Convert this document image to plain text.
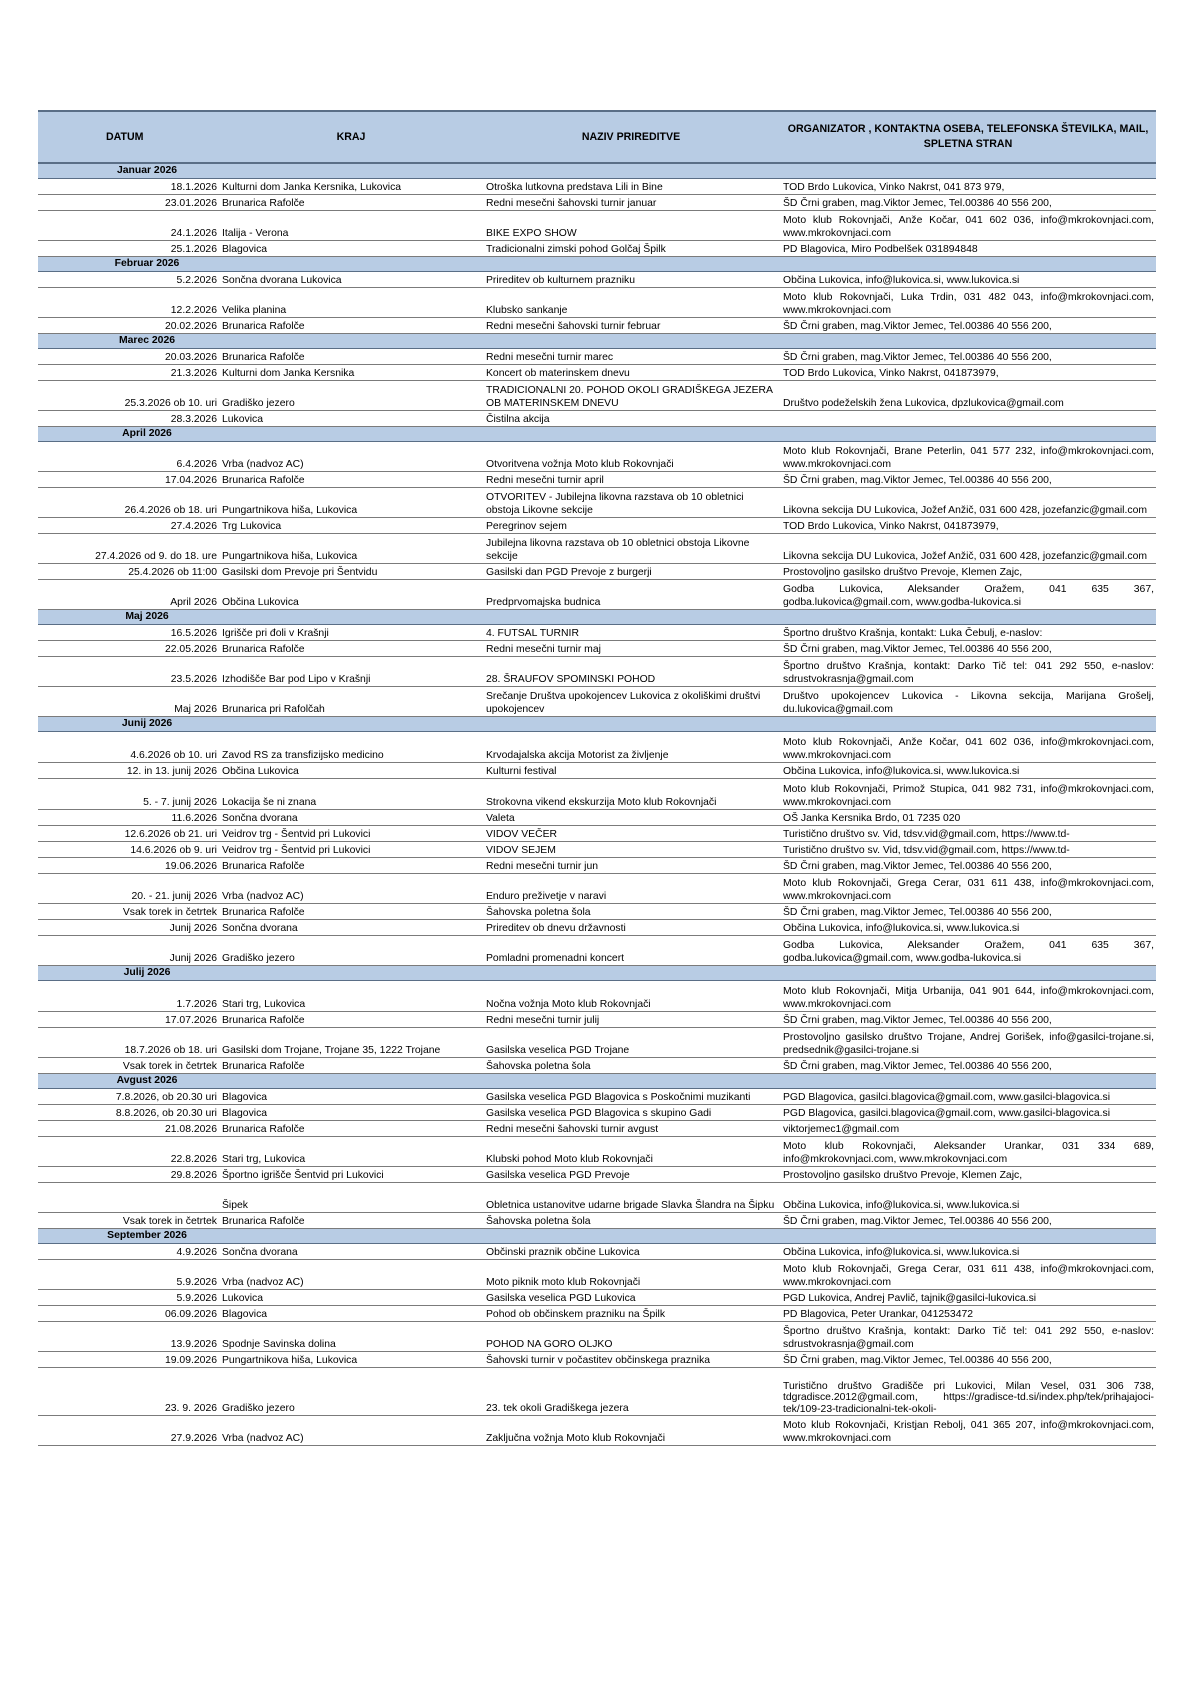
DATUM	KRAJ	NAZIV PRIREDITVE	ORGANIZATOR , KONTAKTNA OSEBA, TELEFONSKA ŠTEVILKA, MAIL, SPLETNA STRAN
Januar 2026			
18.1.2026	Kulturni dom Janka Kersnika, Lukovica	Otroška lutkovna predstava Lili in Bine	TOD Brdo Lukovica, Vinko Nakrst, 041 873 979,
23.01.2026	Brunarica Rafolče	Redni mesečni šahovski turnir januar	ŠD Črni graben, mag.Viktor Jemec, Tel.00386 40 556 200,
24.1.2026	Italija - Verona	BIKE EXPO SHOW	Moto klub Rokovnjači, Anže Kočar, 041 602 036, info@mkrokovnjaci.com, www.mkrokovnjaci.com
25.1.2026	Blagovica	Tradicionalni zimski pohod Golčaj Špilk	PD Blagovica, Miro Podbelšek 031894848
Februar 2026			
5.2.2026	Sončna dvorana Lukovica	Prireditev ob kulturnem prazniku	Občina Lukovica, info@lukovica.si, www.lukovica.si
12.2.2026	Velika planina	Klubsko sankanje	Moto klub Rokovnjači, Luka Trdin, 031 482 043, info@mkrokovnjaci.com, www.mkrokovnjaci.com
20.02.2026	Brunarica Rafolče	Redni mesečni šahovski turnir februar	ŠD Črni graben, mag.Viktor Jemec, Tel.00386 40 556 200,
Marec 2026			
20.03.2026	Brunarica Rafolče	Redni mesečni turnir marec	ŠD Črni graben, mag.Viktor Jemec, Tel.00386 40 556 200,
21.3.2026	Kulturni dom Janka Kersnika	Koncert ob materinskem dnevu	TOD Brdo Lukovica, Vinko Nakrst, 041873979,
25.3.2026 ob 10. uri	Gradiško jezero	TRADICIONALNI 20. POHOD OKOLI GRADIŠKEGA JEZERA OB MATERINSKEM DNEVU	Društvo podeželskih žena Lukovica, dpzlukovica@gmail.com
28.3.2026	Lukovica	Čistilna akcija	
April 2026			
6.4.2026	Vrba (nadvoz AC)	Otvoritvena vožnja Moto klub Rokovnjači	Moto klub Rokovnjači, Brane Peterlin, 041 577 232, info@mkrokovnjaci.com, www.mkrokovnjaci.com
17.04.2026	Brunarica Rafolče	Redni mesečni turnir april	ŠD Črni graben, mag.Viktor Jemec, Tel.00386 40 556 200,
26.4.2026 ob 18. uri	Pungartnikova hiša, Lukovica	OTVORITEV - Jubilejna likovna razstava ob 10 obletnici obstoja Likovne sekcije	Likovna sekcija DU Lukovica, Jožef Anžič, 031 600 428, jozefanzic@gmail.com
27.4.2026	Trg Lukovica	Peregrinov sejem	TOD Brdo Lukovica, Vinko Nakrst, 041873979,
27.4.2026 od 9. do 18. ure	Pungartnikova hiša, Lukovica	Jubilejna likovna razstava ob 10 obletnici obstoja Likovne sekcije	Likovna sekcija DU Lukovica, Jožef Anžič, 031 600 428, jozefanzic@gmail.com
25.4.2026 ob 11:00	Gasilski dom Prevoje pri Šentvidu	Gasilski dan PGD Prevoje z burgerji	Prostovoljno gasilsko društvo Prevoje, Klemen Zajc,
April 2026	Občina Lukovica	Predprvomajska budnica	Godba Lukovica, Aleksander Oražem, 041 635 367, godba.lukovica@gmail.com, www.godba-lukovica.si
Maj 2026			
16.5.2026	Igrišče pri đoli v Krašnji	4. FUTSAL TURNIR	Športno društvo Krašnja, kontakt: Luka Čebulj, e-naslov:
22.05.2026	Brunarica Rafolče	Redni mesečni turnir maj	ŠD Črni graben, mag.Viktor Jemec, Tel.00386 40 556 200,
23.5.2026	Izhodišče Bar pod Lipo v Krašnji	28. ŠRAUFOV SPOMINSKI POHOD	Športno društvo Krašnja, kontakt: Darko Tič tel: 041 292 550, e-naslov: sdrustvokrasnja@gmail.com
Maj 2026	Brunarica pri Rafolčah	Srečanje Društva upokojencev Lukovica z okoliškimi društvi upokojencev	Društvo upokojencev Lukovica - Likovna sekcija, Marijana Grošelj, du.lukovica@gmail.com
Junij 2026			
4.6.2026 ob 10. uri	Zavod RS za transfizijsko medicino	Krvodajalska akcija Motorist za življenje	Moto klub Rokovnjači, Anže Kočar, 041 602 036, info@mkrokovnjaci.com, www.mkrokovnjaci.com
12. in 13. junij 2026	Občina Lukovica	Kulturni festival	Občina Lukovica, info@lukovica.si, www.lukovica.si
5. - 7. junij 2026	Lokacija še ni znana	Strokovna vikend ekskurzija Moto klub Rokovnjači	Moto klub Rokovnjači, Primož Stupica, 041 982 731, info@mkrokovnjaci.com, www.mkrokovnjaci.com
11.6.2026	Sončna dvorana	Valeta	OŠ Janka Kersnika Brdo, 01 7235 020
12.6.2026 ob 21. uri	Veidrov trg - Šentvid pri Lukovici	VIDOV VEČER	Turistično društvo sv. Vid, tdsv.vid@gmail.com, https://www.td-
14.6.2026 ob 9. uri	Veidrov trg - Šentvid pri Lukovici	VIDOV SEJEM	Turistično društvo sv. Vid, tdsv.vid@gmail.com, https://www.td-
19.06.2026	Brunarica Rafolče	Redni mesečni turnir jun	ŠD Črni graben, mag.Viktor Jemec, Tel.00386 40 556 200,
20. - 21. junij 2026	Vrba (nadvoz AC)	Enduro preživetje v naravi	Moto klub Rokovnjači, Grega Cerar, 031 611 438, info@mkrokovnjaci.com, www.mkrokovnjaci.com
Vsak torek in četrtek	Brunarica Rafolče	Šahovska poletna šola	ŠD Črni graben, mag.Viktor Jemec, Tel.00386 40 556 200,
Junij 2026	Sončna dvorana	Prireditev ob dnevu državnosti	Občina Lukovica, info@lukovica.si, www.lukovica.si
Junij 2026	Gradiško jezero	Pomladni promenadni koncert	Godba Lukovica, Aleksander Oražem, 041 635 367, godba.lukovica@gmail.com, www.godba-lukovica.si
Julij 2026			
1.7.2026	Stari trg, Lukovica	Nočna vožnja Moto klub Rokovnjači	Moto klub Rokovnjači, Mitja Urbanija, 041 901 644, info@mkrokovnjaci.com, www.mkrokovnjaci.com
17.07.2026	Brunarica Rafolče	Redni mesečni turnir julij	ŠD Črni graben, mag.Viktor Jemec, Tel.00386 40 556 200,
18.7.2026 ob 18. uri	Gasilski dom Trojane, Trojane 35, 1222 Trojane	Gasilska veselica PGD Trojane	Prostovoljno gasilsko društvo Trojane, Andrej Gorišek, info@gasilci-trojane.si, predsednik@gasilci-trojane.si
Vsak torek in četrtek	Brunarica Rafolče	Šahovska poletna šola	ŠD Črni graben, mag.Viktor Jemec, Tel.00386 40 556 200,
Avgust 2026			
7.8.2026, ob 20.30 uri	Blagovica	Gasilska veselica PGD Blagovica s Poskočnimi muzikanti	PGD Blagovica, gasilci.blagovica@gmail.com, www.gasilci-blagovica.si
8.8.2026, ob 20.30 uri	Blagovica	Gasilska veselica PGD Blagovica s skupino Gadi	PGD Blagovica, gasilci.blagovica@gmail.com, www.gasilci-blagovica.si
21.08.2026	Brunarica Rafolče	Redni mesečni šahovski turnir avgust	viktorjemec1@gmail.com
22.8.2026	Stari trg, Lukovica	Klubski pohod Moto klub Rokovnjači	Moto klub Rokovnjači, Aleksander Urankar, 031 334 689, info@mkrokovnjaci.com, www.mkrokovnjaci.com
29.8.2026	Športno igrišče Šentvid pri Lukovici	Gasilska veselica PGD Prevoje	Prostovoljno gasilsko društvo Prevoje, Klemen Zajc,
	Šipek	Obletnica ustanovitve udarne brigade Slavka Šlandra na Šipku	Občina Lukovica, info@lukovica.si, www.lukovica.si
Vsak torek in četrtek	Brunarica Rafolče	Šahovska poletna šola	ŠD Črni graben, mag.Viktor Jemec, Tel.00386 40 556 200,
September 2026			
4.9.2026	Sončna dvorana	Občinski praznik občine Lukovica	Občina Lukovica, info@lukovica.si, www.lukovica.si
5.9.2026	Vrba (nadvoz AC)	Moto piknik moto klub Rokovnjači	Moto klub Rokovnjači, Grega Cerar, 031 611 438, info@mkrokovnjaci.com, www.mkrokovnjaci.com
5.9.2026	Lukovica	Gasilska veselica PGD Lukovica	PGD Lukovica, Andrej Pavlič, tajnik@gasilci-lukovica.si
06.09.2026	Blagovica	Pohod ob občinskem prazniku na Špilk	PD Blagovica, Peter Urankar, 041253472
13.9.2026	Spodnje Savinska dolina	POHOD NA GORO OLJKO	Športno društvo Krašnja, kontakt: Darko Tič tel: 041 292 550, e-naslov: sdrustvokrasnja@gmail.com
19.09.2026	Pungartnikova hiša, Lukovica	Šahovski turnir v počastitev občinskega praznika	ŠD Črni graben, mag.Viktor Jemec, Tel.00386 40 556 200,
23. 9. 2026	Gradiško jezero	23. tek okoli Gradiškega jezera	Turistično društvo Gradišče pri Lukovici, Milan Vesel, 031 306 738, tdgradisce.2012@gmail.com, https://gradisce-td.si/index.php/tek/prihajajoci-tek/109-23-tradicionalni-tek-okoli-
27.9.2026	Vrba (nadvoz AC)	Zaključna vožnja Moto klub Rokovnjači	Moto klub Rokovnjači, Kristjan Rebolj, 041 365 207, info@mkrokovnjaci.com, www.mkrokovnjaci.com
